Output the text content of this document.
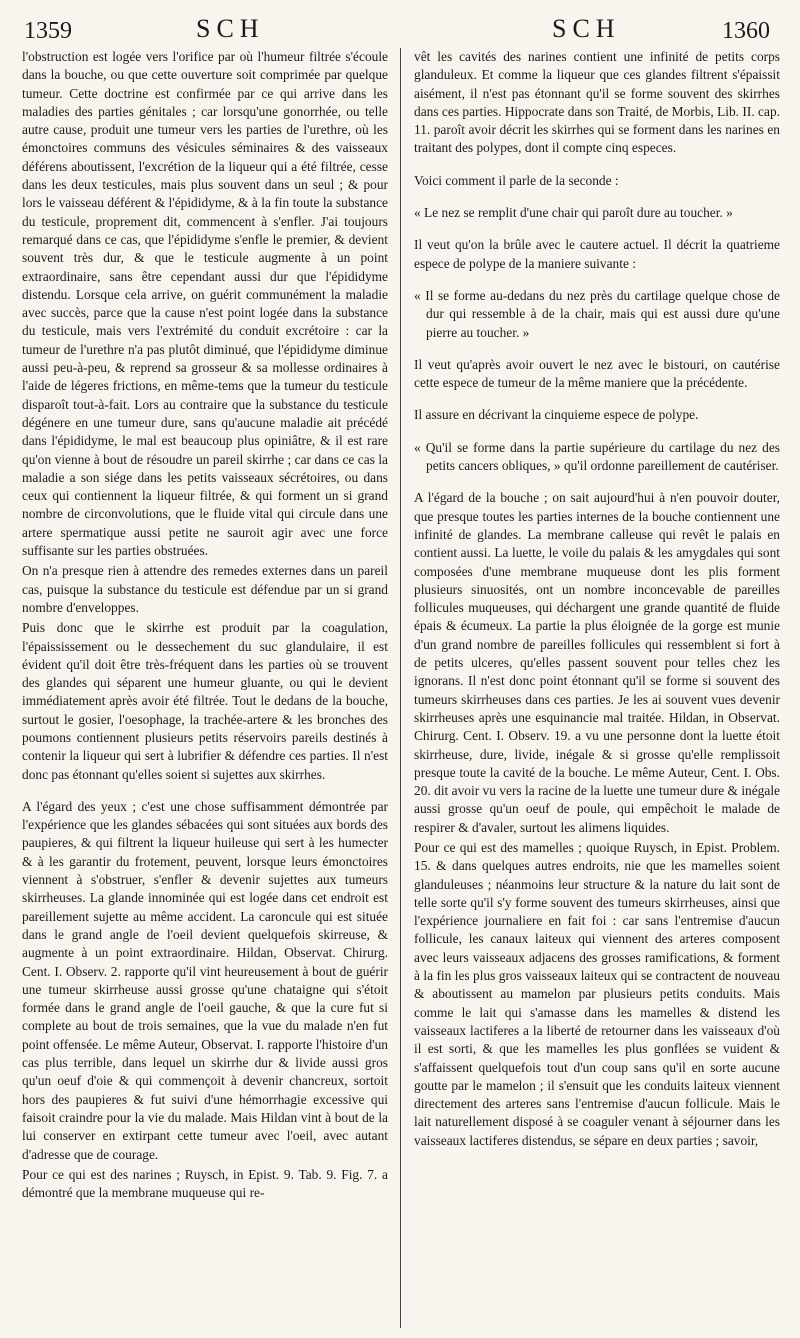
1359	SCH	SCH	1360

l'obstruction est logée vers l'orifice par où l'humeur filtrée s'écoule dans la bouche, ou que cette ouverture soit comprimée par quelque tumeur. Cette doctrine est confirmée par ce qui arrive dans les maladies des parties génitales ; car lorsqu'une gonorrhée, ou telle autre cause, produit une tumeur vers les parties de l'urethre, où les émonctoires communs des vésicules séminaires & des vaisseaux déférens aboutissent, l'excrétion de la liqueur qui a été filtrée, cesse dans les deux testicules, mais plus souvent dans un seul ; & pour lors le vaisseau déférent & l'épididyme, & à la fin toute la substance du testicule, proprement dit, commencent à s'enfler. J'ai toujours remarqué dans ce cas, que l'épididyme s'enfle le premier, & devient souvent très dur, & que le testicule augmente à un point extraordinaire, sans être cependant aussi dur que l'épididyme distendu. Lorsque cela arrive, on guérit communément la maladie avec succès, parce que la cause n'est point logée dans la substance du testicule, mais vers l'extrémité du conduit excrétoire : car la tumeur de l'urethre n'a pas plutôt diminué, que l'épididyme diminue aussi peu-à-peu, & reprend sa grosseur & sa mollesse ordinaires à l'aide de légeres frictions, en même-tems que la tumeur du testicule disparoît tout-à-fait. Lors au contraire que la substance du testicule dégénere en une tumeur dure, sans qu'aucune maladie ait précédé dans l'épididyme, le mal est beaucoup plus opiniâtre, & il est rare qu'on vienne à bout de résoudre un pareil skirrhe ; car dans ce cas la maladie a son siége dans les petits vaisseaux sécrétoires, ou dans ceux qui contiennent la liqueur filtrée, & qui forment un si grand nombre de circonvolutions, que le fluide vital qui circule dans une artere spermatique aussi petite ne sauroit agir avec une force suffisante sur les parties obstruées.

On n'a presque rien à attendre des remedes externes dans un pareil cas, puisque la substance du testicule est défendue par un si grand nombre d'enveloppes.

Puis donc que le skirrhe est produit par la coagulation, l'épaississement ou le dessechement du suc glandulaire, il est évident qu'il doit être très-fréquent dans les parties où se trouvent des glandes qui séparent une humeur gluante, ou qui le devient immédiatement après avoir été filtrée. Tout le dedans de la bouche, surtout le gosier, l'oesophage, la trachée-artere & les bronches des poumons contiennent plusieurs petits réservoirs pareils destinés à contenir la liqueur qui sert à lubrifier & défendre ces parties. Il n'est donc pas étonnant qu'elles soient si sujettes aux skirrhes.

A l'égard des yeux ; c'est une chose suffisamment démontrée par l'expérience que les glandes sébacées qui sont situées aux bords des paupieres, & qui filtrent la liqueur huileuse qui sert à les humecter & à les garantir du frotement, peuvent, lorsque leurs émonctoires viennent à s'obstruer, s'enfler & devenir sujettes aux tumeurs skirrheuses. La glande innominée qui est logée dans cet endroit est pareillement sujette au même accident. La caroncule qui est située dans le grand angle de l'oeil devient quelquefois skirreuse, & augmente à un point extraordinaire. Hildan, Observat. Chirurg. Cent. I. Observ. 2. rapporte qu'il vint heureusement à bout de guérir une tumeur skirrheuse aussi grosse qu'une chataigne qui s'étoit formée dans le grand angle de l'oeil gauche, & que la cure fut si complete au bout de trois semaines, que la vue du malade n'en fut point offensée. Le même Auteur, Observat. I. rapporte l'histoire d'un cas plus terrible, dans lequel un skirrhe dur & livide aussi gros qu'un oeuf d'oie & qui commençoit à devenir chancreux, sortoit hors des paupieres & fut suivi d'une hémorrhagie excessive qui faisoit craindre pour la vie du malade. Mais Hildan vint à bout de la lui conserver en extirpant cette tumeur avec l'oeil, avec autant d'adresse que de courage.

Pour ce qui est des narines ; Ruysch, in Epist. 9. Tab. 9. Fig. 7. a démontré que la membrane muqueuse qui re-

vêt les cavités des narines contient une infinité de petits corps glanduleux. Et comme la liqueur que ces glandes filtrent s'épaissit aisément, il n'est pas étonnant qu'il se forme souvent des skirrhes dans ces parties. Hippocrate dans son Traité, de Morbis, Lib. II. cap. 11. paroît avoir décrit les skirrhes qui se forment dans les narines en traitant des polypes, dont il compte cinq especes.

Voici comment il parle de la seconde :

« Le nez se remplit d'une chair qui paroît dure au toucher. »

Il veut qu'on la brûle avec le cautere actuel. Il décrit la quatrieme espece de polype de la maniere suivante :

« Il se forme au-dedans du nez près du cartilage quelque chose de dur qui ressemble à de la chair, mais qui est aussi dure qu'une pierre au toucher. »

Il veut qu'après avoir ouvert le nez avec le bistouri, on cautérise cette espece de tumeur de la même maniere que la précédente.

Il assure en décrivant la cinquieme espece de polype.

« Qu'il se forme dans la partie supérieure du cartilage du nez des petits cancers obliques, » qu'il ordonne pareillement de cautériser.

A l'égard de la bouche ; on sait aujourd'hui à n'en pouvoir douter, que presque toutes les parties internes de la bouche contiennent une infinité de glandes. La membrane calleuse qui revêt le palais en contient aussi. La luette, le voile du palais & les amygdales qui sont composées d'une membrane muqueuse dont les plis forment plusieurs sinuosités, ont un nombre inconcevable de pareilles follicules muqueuses, qui déchargent une grande quantité de fluide épais & écumeux. La partie la plus éloignée de la gorge est munie d'un grand nombre de pareilles follicules qui ressemblent si fort à de petits ulceres, qu'elles passent souvent pour telles chez les ignorans. Il n'est donc point étonnant qu'il se forme si souvent des tumeurs skirrheuses dans ces parties. Je les ai souvent vues devenir skirrheuses après une esquinancie mal traitée. Hildan, in Observat. Chirurg. Cent. I. Observ. 19. a vu une personne dont la luette étoit skirrheuse, dure, livide, inégale & si grosse qu'elle remplissoit presque toute la cavité de la bouche. Le même Auteur, Cent. I. Obs. 20. dit avoir vu vers la racine de la luette une tumeur dure & inégale aussi grosse qu'un oeuf de poule, qui empêchoit le malade de respirer & d'avaler, surtout les alimens liquides.

Pour ce qui est des mamelles ; quoique Ruysch, in Epist. Problem. 15. & dans quelques autres endroits, nie que les mamelles soient glanduleuses ; néanmoins leur structure & la nature du lait sont de telle sorte qu'il s'y forme souvent des tumeurs skirrheuses, ainsi que l'expérience journaliere en fait foi : car sans l'entremise d'aucun follicule, les canaux laiteux qui viennent des arteres composent avec leurs vaisseaux adjacens des grosses ramifications, & forment à la fin les plus gros vaisseaux laiteux qui se contractent de nouveau & aboutissent au mamelon par plusieurs petits conduits. Mais comme le lait qui s'amasse dans les mamelles & distend les vaisseaux lactiferes a la liberté de retourner dans les vaisseaux d'où il est sorti, & que les mamelles les plus gonflées se vuident & s'affaissent quelquefois tout d'un coup sans qu'il en sorte aucune goutte par le mamelon ; il s'ensuit que les conduits laiteux viennent directement des arteres sans l'entremise d'aucun follicule. Mais le lait naturellement disposé à se coaguler venant à séjourner dans les vaisseaux lactiferes distendus, se sépare en deux parties ; savoir,
